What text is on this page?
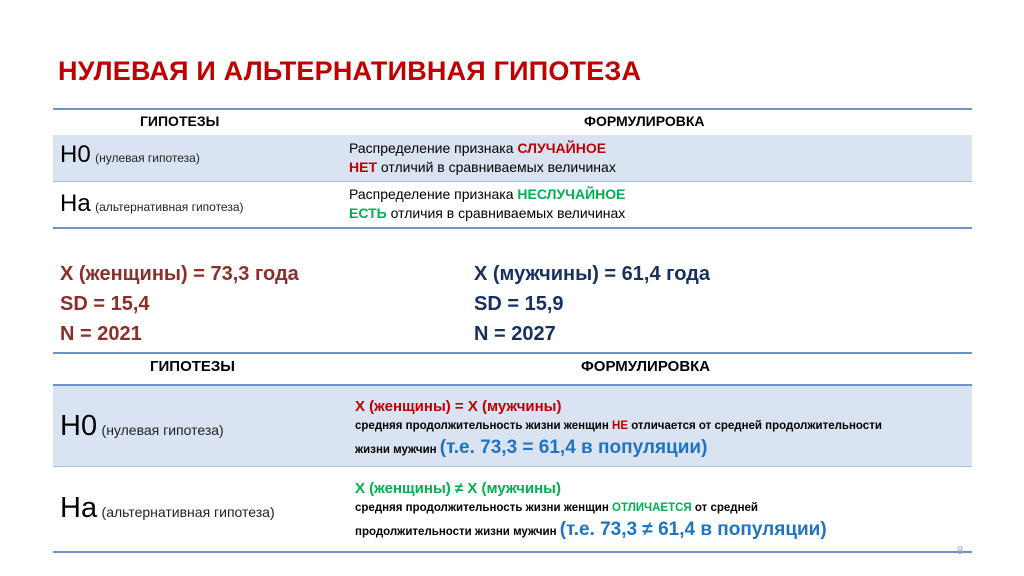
НУЛЕВАЯ И АЛЬТЕРНАТИВНАЯ ГИПОТЕЗА
ГИПОТЕЗЫ	ФОРМУЛИРОВКА
H0 (нулевая гипотеза)
Распределение признака СЛУЧАЙНОЕ
НЕТ отличий в сравниваемых величинах
На (альтернативная гипотеза)
Распределение признака НЕСЛУЧАЙНОЕ
ЕСТЬ отличия в сравниваемых величинах
X (женщины) = 73,3 года
SD = 15,4
N = 2021
X (мужчины) = 61,4 года
SD = 15,9
N = 2027
ГИПОТЕЗЫ	ФОРМУЛИРОВКА
H0 (нулевая гипотеза)
X (женщины) = X (мужчины)
средняя продолжительность жизни женщин НЕ отличается от средней продолжительности
жизни мужчин (т.е. 73,3 = 61,4 в популяции)
На (альтернативная гипотеза)
X (женщины) ≠ X (мужчины)
средняя продолжительность жизни женщин ОТЛИЧАЕТСЯ от средней
продолжительности жизни мужчин (т.е. 73,3 ≠ 61,4 в популяции)
8
